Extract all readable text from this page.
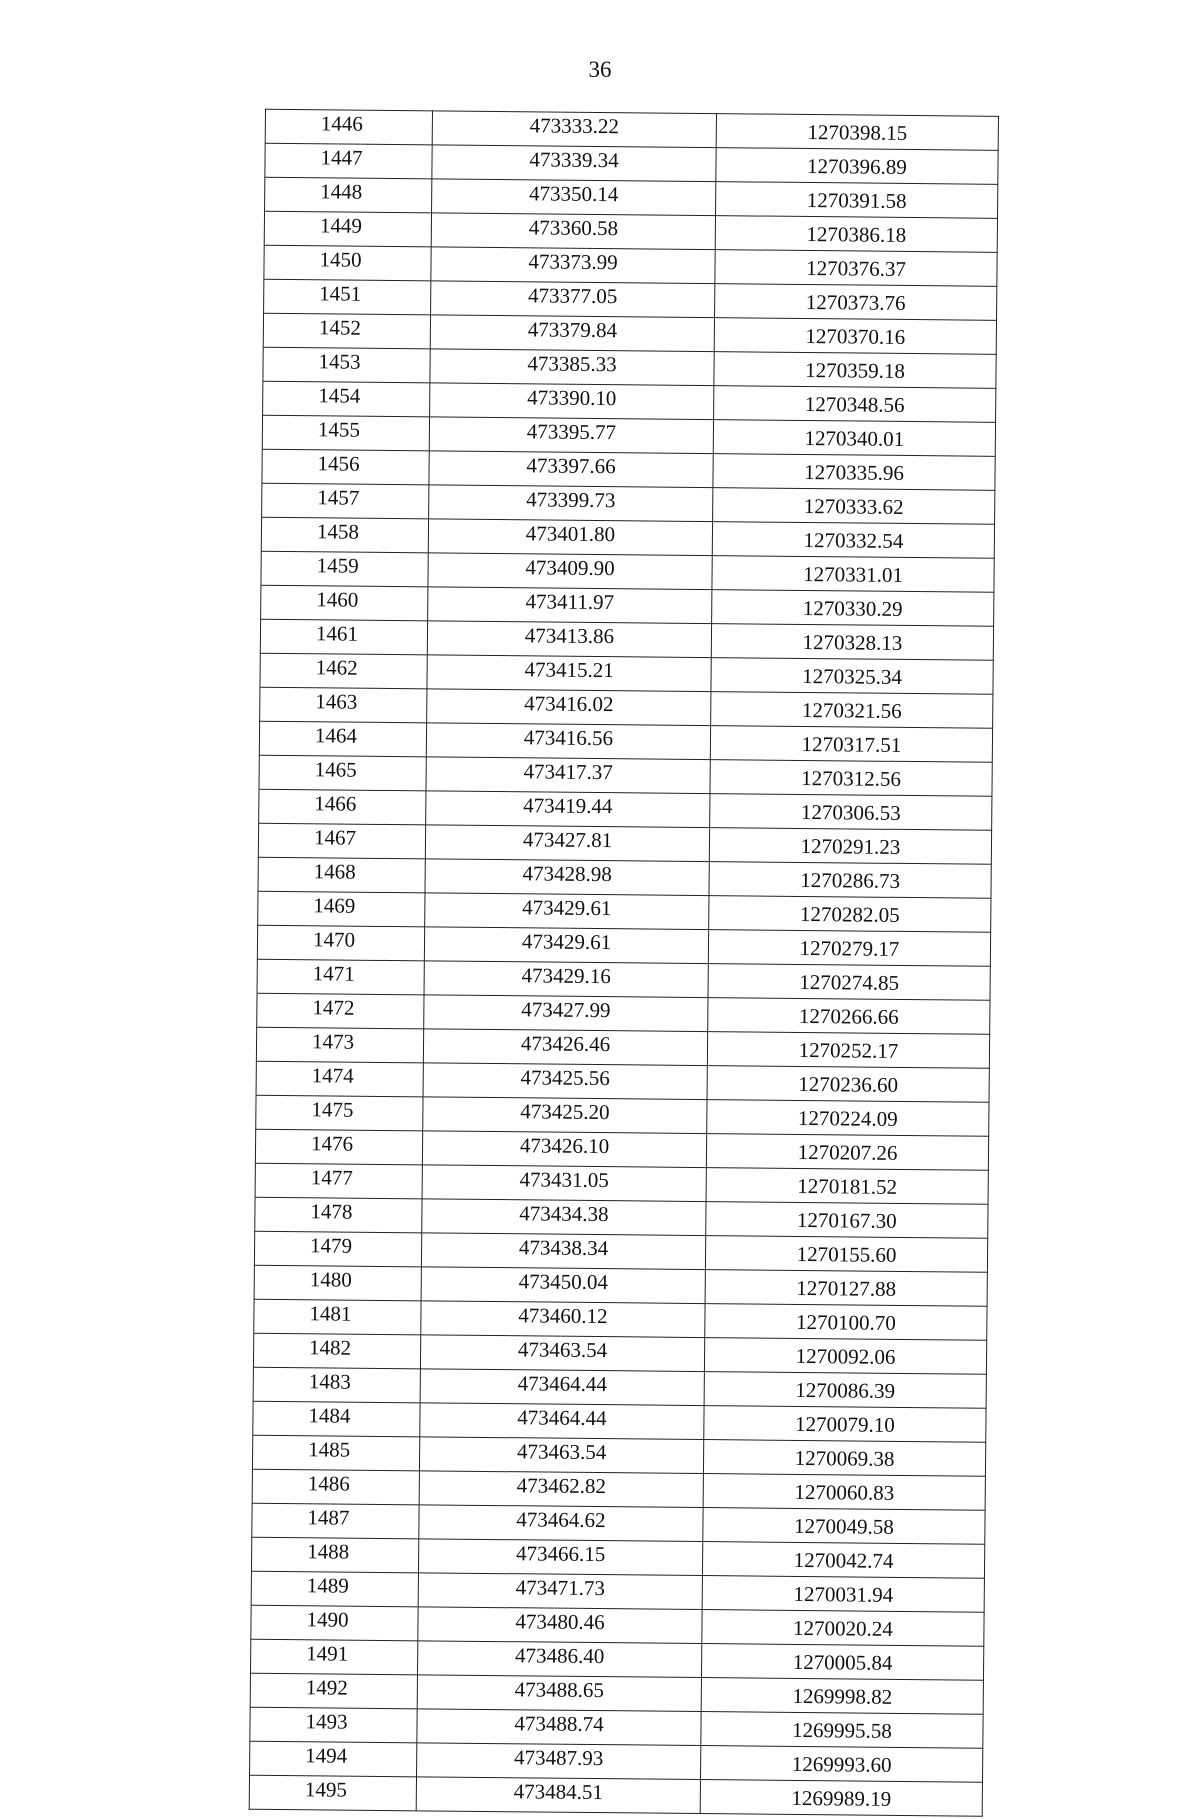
36
1446	473333.22	1270398.15
1447	473339.34	1270396.89
1448	473350.14	1270391.58
1449	473360.58	1270386.18
1450	473373.99	1270376.37
1451	473377.05	1270373.76
1452	473379.84	1270370.16
1453	473385.33	1270359.18
1454	473390.10	1270348.56
1455	473395.77	1270340.01
1456	473397.66	1270335.96
1457	473399.73	1270333.62
1458	473401.80	1270332.54
1459	473409.90	1270331.01
1460	473411.97	1270330.29
1461	473413.86	1270328.13
1462	473415.21	1270325.34
1463	473416.02	1270321.56
1464	473416.56	1270317.51
1465	473417.37	1270312.56
1466	473419.44	1270306.53
1467	473427.81	1270291.23
1468	473428.98	1270286.73
1469	473429.61	1270282.05
1470	473429.61	1270279.17
1471	473429.16	1270274.85
1472	473427.99	1270266.66
1473	473426.46	1270252.17
1474	473425.56	1270236.60
1475	473425.20	1270224.09
1476	473426.10	1270207.26
1477	473431.05	1270181.52
1478	473434.38	1270167.30
1479	473438.34	1270155.60
1480	473450.04	1270127.88
1481	473460.12	1270100.70
1482	473463.54	1270092.06
1483	473464.44	1270086.39
1484	473464.44	1270079.10
1485	473463.54	1270069.38
1486	473462.82	1270060.83
1487	473464.62	1270049.58
1488	473466.15	1270042.74
1489	473471.73	1270031.94
1490	473480.46	1270020.24
1491	473486.40	1270005.84
1492	473488.65	1269998.82
1493	473488.74	1269995.58
1494	473487.93	1269993.60
1495	473484.51	1269989.19
